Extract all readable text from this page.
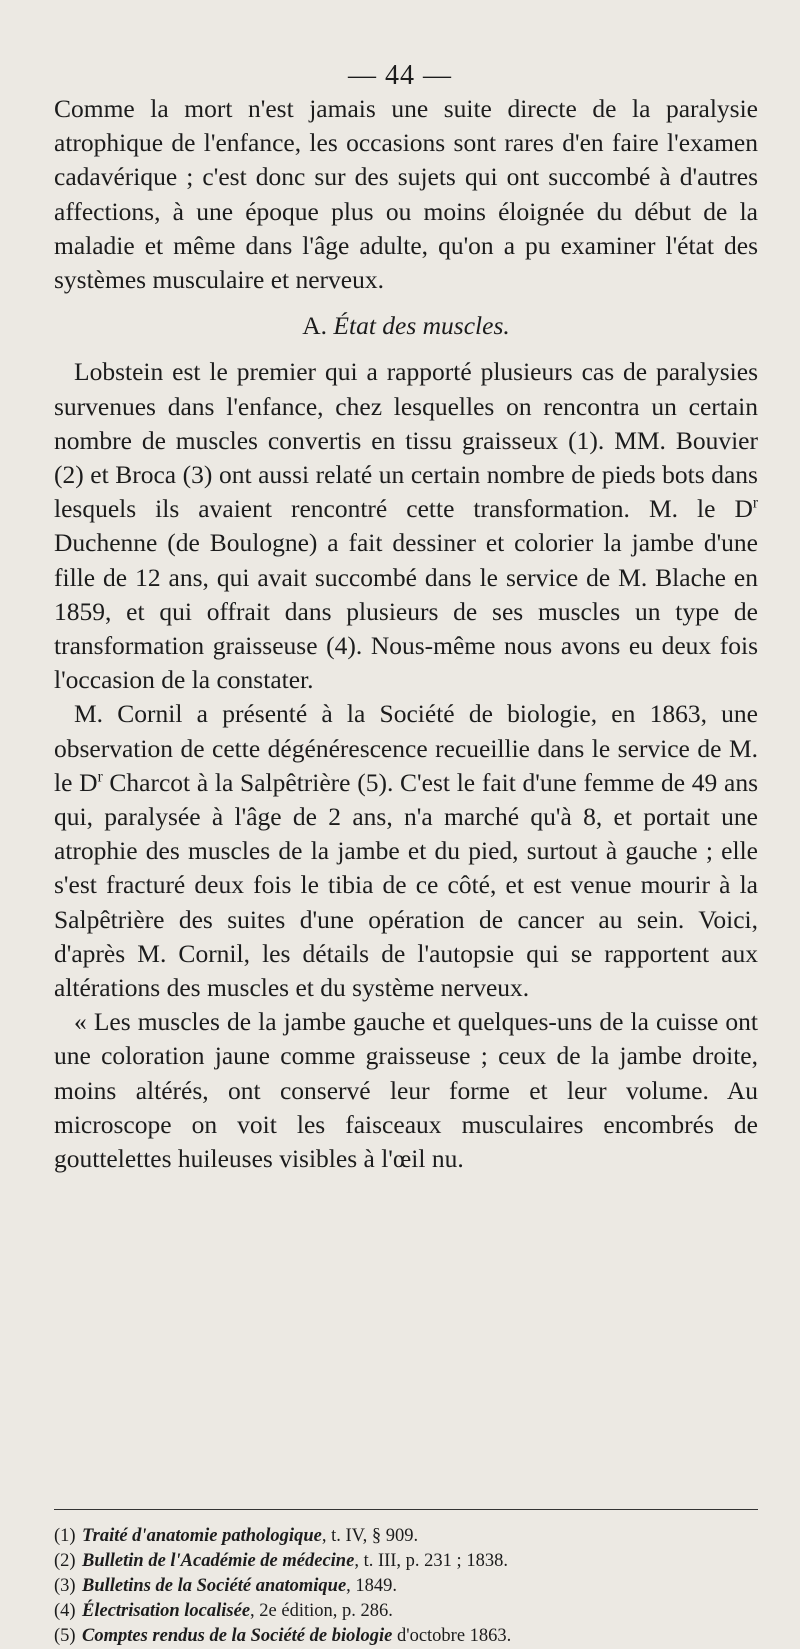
— 44 —

Comme la mort n'est jamais une suite directe de la paralysie atrophique de l'enfance, les occasions sont rares d'en faire l'examen cadavérique ; c'est donc sur des sujets qui ont succombé à d'autres affections, à une époque plus ou moins éloignée du début de la maladie et même dans l'âge adulte, qu'on a pu examiner l'état des systèmes musculaire et nerveux.

A. État des muscles.

Lobstein est le premier qui a rapporté plusieurs cas de paralysies survenues dans l'enfance, chez lesquelles on rencontra un certain nombre de muscles convertis en tissu graisseux (1). MM. Bouvier (2) et Broca (3) ont aussi relaté un certain nombre de pieds bots dans lesquels ils avaient rencontré cette transformation. M. le $D^r$ Duchenne (de Boulogne) a fait dessiner et colorier la jambe d'une fille de 12 ans, qui avait succombé dans le service de M. Blache en 1859, et qui offrait dans plusieurs de ses muscles un type de transformation graisseuse (4). Nous-même nous avons eu deux fois l'occasion de la constater.

M. Cornil a présenté à la Société de biologie, en 1863, une observation de cette dégénérescence recueillie dans le service de M. le $D^r$ Charcot à la Salpêtrière (5). C'est le fait d'une femme de 49 ans qui, paralysée à l'âge de 2 ans, n'a marché qu'à 8, et portait une atrophie des muscles de la jambe et du pied, surtout à gauche ; elle s'est fracturé deux fois le tibia de ce côté, et est venue mourir à la Salpêtrière des suites d'une opération de cancer au sein. Voici, d'après M. Cornil, les détails de l'autopsie qui se rapportent aux altérations des muscles et du système nerveux.

« Les muscles de la jambe gauche et quelques-uns de la cuisse ont une coloration jaune comme graisseuse ; ceux de la jambe droite, moins altérés, ont conservé leur forme et leur volume. Au microscope on voit les faisceaux musculaires encombrés de gouttelettes huileuses visibles à l'œil nu.

(1) Traité d'anatomie pathologique, t. IV, § 909.
(2) Bulletin de l'Académie de médecine, t. III, p. 231 ; 1838.
(3) Bulletins de la Société anatomique, 1849.
(4) Électrisation localisée, 2e édition, p. 286.
(5) Comptes rendus de la Société de biologie d'octobre 1863.
